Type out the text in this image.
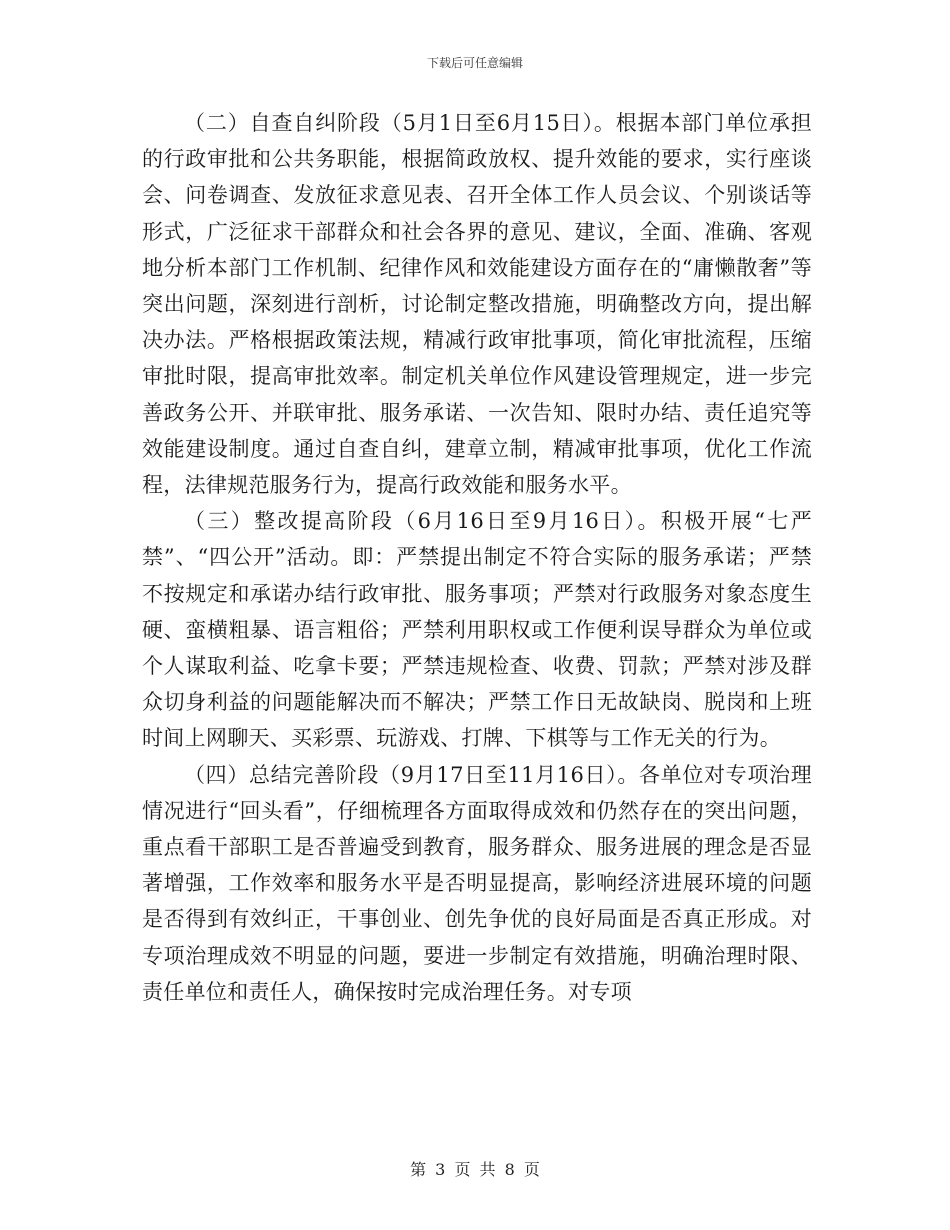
下载后可任意编辑

（二）自查自纠阶段（5月1日至6月15日）。根据本部门单位承担的行政审批和公共务职能，根据简政放权、提升效能的要求，实行座谈会、问卷调查、发放征求意见表、召开全体工作人员会议、个别谈话等形式，广泛征求干部群众和社会各界的意见、建议，全面、准确、客观地分析本部门工作机制、纪律作风和效能建设方面存在的“庸懒散奢”等突出问题，深刻进行剖析，讨论制定整改措施，明确整改方向，提出解决办法。严格根据政策法规，精减行政审批事项，简化审批流程，压缩审批时限，提高审批效率。制定机关单位作风建设管理规定，进一步完善政务公开、并联审批、服务承诺、一次告知、限时办结、责任追究等效能建设制度。通过自查自纠，建章立制，精减审批事项，优化工作流程，法律规范服务行为，提高行政效能和服务水平。

（三）整改提高阶段（6月16日至9月16日）。积极开展“七严禁”、“四公开”活动。即：严禁提出制定不符合实际的服务承诺；严禁不按规定和承诺办结行政审批、服务事项；严禁对行政服务对象态度生硬、蛮横粗暴、语言粗俗；严禁利用职权或工作便利误导群众为单位或个人谋取利益、吃拿卡要；严禁违规检查、收费、罚款；严禁对涉及群众切身利益的问题能解决而不解决；严禁工作日无故缺岗、脱岗和上班时间上网聊天、买彩票、玩游戏、打牌、下棋等与工作无关的行为。

（四）总结完善阶段（9月17日至11月16日）。各单位对专项治理情况进行“回头看”，仔细梳理各方面取得成效和仍然存在的突出问题，重点看干部职工是否普遍受到教育，服务群众、服务进展的理念是否显著增强，工作效率和服务水平是否明显提高，影响经济进展环境的问题是否得到有效纠正，干事创业、创先争优的良好局面是否真正形成。对专项治理成效不明显的问题，要进一步制定有效措施，明确治理时限、责任单位和责任人，确保按时完成治理任务。对专项

第 3 页 共 8 页
